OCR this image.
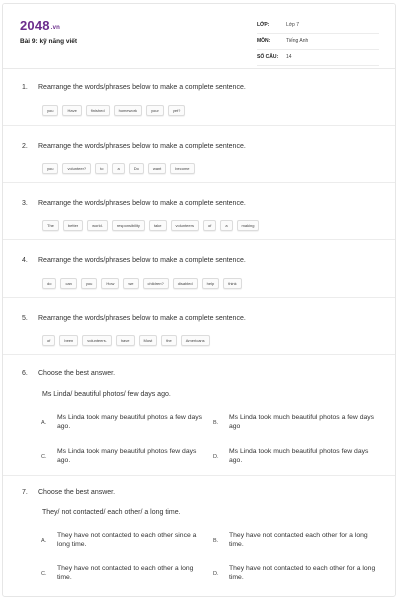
2048.vn
Bài 9: kỹ năng viết
LỚP:	Lớp 7
MÔN:	Tiếng Anh
SỐ CÂU: 14
1. Rearrange the words/phrases below to make a complete sentence.
you	Have	finished	homework	your	yet?
2. Rearrange the words/phrases below to make a complete sentence.
you	volunteer?	to	a	Do	want	become
3. Rearrange the words/phrases below to make a complete sentence.
The	better	world.	responsibility	take	volunteers	of	a	making
4. Rearrange the words/phrases below to make a complete sentence.
do	can	you	How	we	children?	disabled	help	think
5. Rearrange the words/phrases below to make a complete sentence.
of	been	volunteers.	have	Most	the	Americans
6. Choose the best answer.
Ms Linda/ beautiful photos/ few days ago.
A.
Ms Linda took many beautiful photos a few days ago.	B.
Ms Linda took much beautiful photos a few days ago
C.
Ms Linda took many beautiful photos few days ago.	D.
Ms Linda took much beautiful photos few days ago.
7. Choose the best answer.
They/ not contacted/ each other/ a long time.
A.
They have not contacted to each other since a long time.	B.
They have not contacted each other for a long time.
C.
They have not contacted to each other a long time.	D.
They have not contacted to each other for a long time.
